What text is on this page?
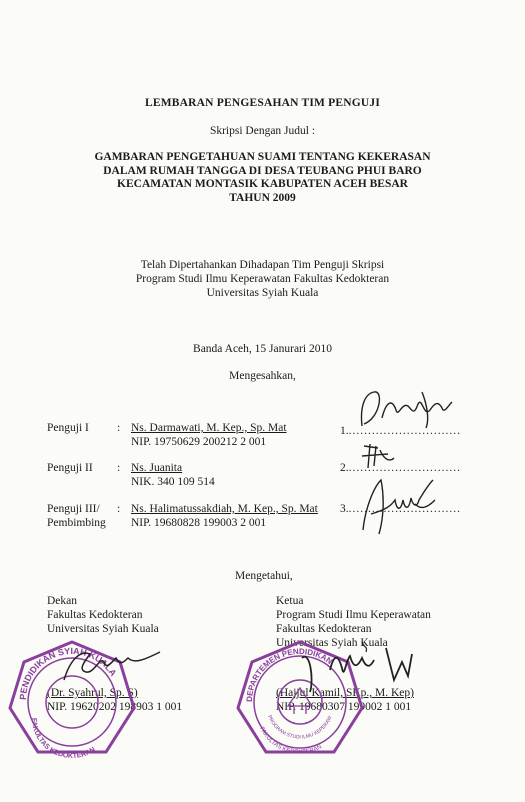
LEMBARAN PENGESAHAN TIM PENGUJI
Skripsi Dengan Judul :
GAMBARAN PENGETAHUAN SUAMI TENTANG KEKERASAN
DALAM RUMAH TANGGA DI DESA TEUBANG PHUI BARO
KECAMATAN MONTASIK KABUPATEN ACEH BESAR
TAHUN 2009
Telah Dipertahankan Dihadapan Tim Penguji Skripsi
Program Studi Ilmu Keperawatan Fakultas Kedokteran
Universitas Syiah Kuala
Banda Aceh, 15 Janurari 2010
Mengesahkan,
Penguji I : Ns. Darmawati, M. Kep., Sp. Mat
NIP. 19750629 200212 2 001
1..............................
Penguji II : Ns. Juanita
NIK. 340 109 514
2..............................
Penguji III/
Pembimbing
: Ns. Halimatussakdiah, M. Kep., Sp. Mat
NIP. 19680828 199003 2 001
3..............................
Mengetahui,
Dekan
Fakultas Kedokteran
Universitas Syiah Kuala
(Dr. Syahrul, Sp. S)
NIP. 19620202 198903 1 001
Ketua
Program Studi Ilmu Keperawatan
Fakultas Kedokteran
Universitas Syiah Kuala
(Hajjul Kamil, SKp., M. Kep)
NIP. 19680307 199002 1 001
PENDIDIKAN SYIAH KUALA
FAKULTAS KEDOKTERAN
DEPARTEMEN PENDIDIKAN
PROGRAM STUDI ILMU KEPERAW
FAKULTAS KEDOKTERAN
